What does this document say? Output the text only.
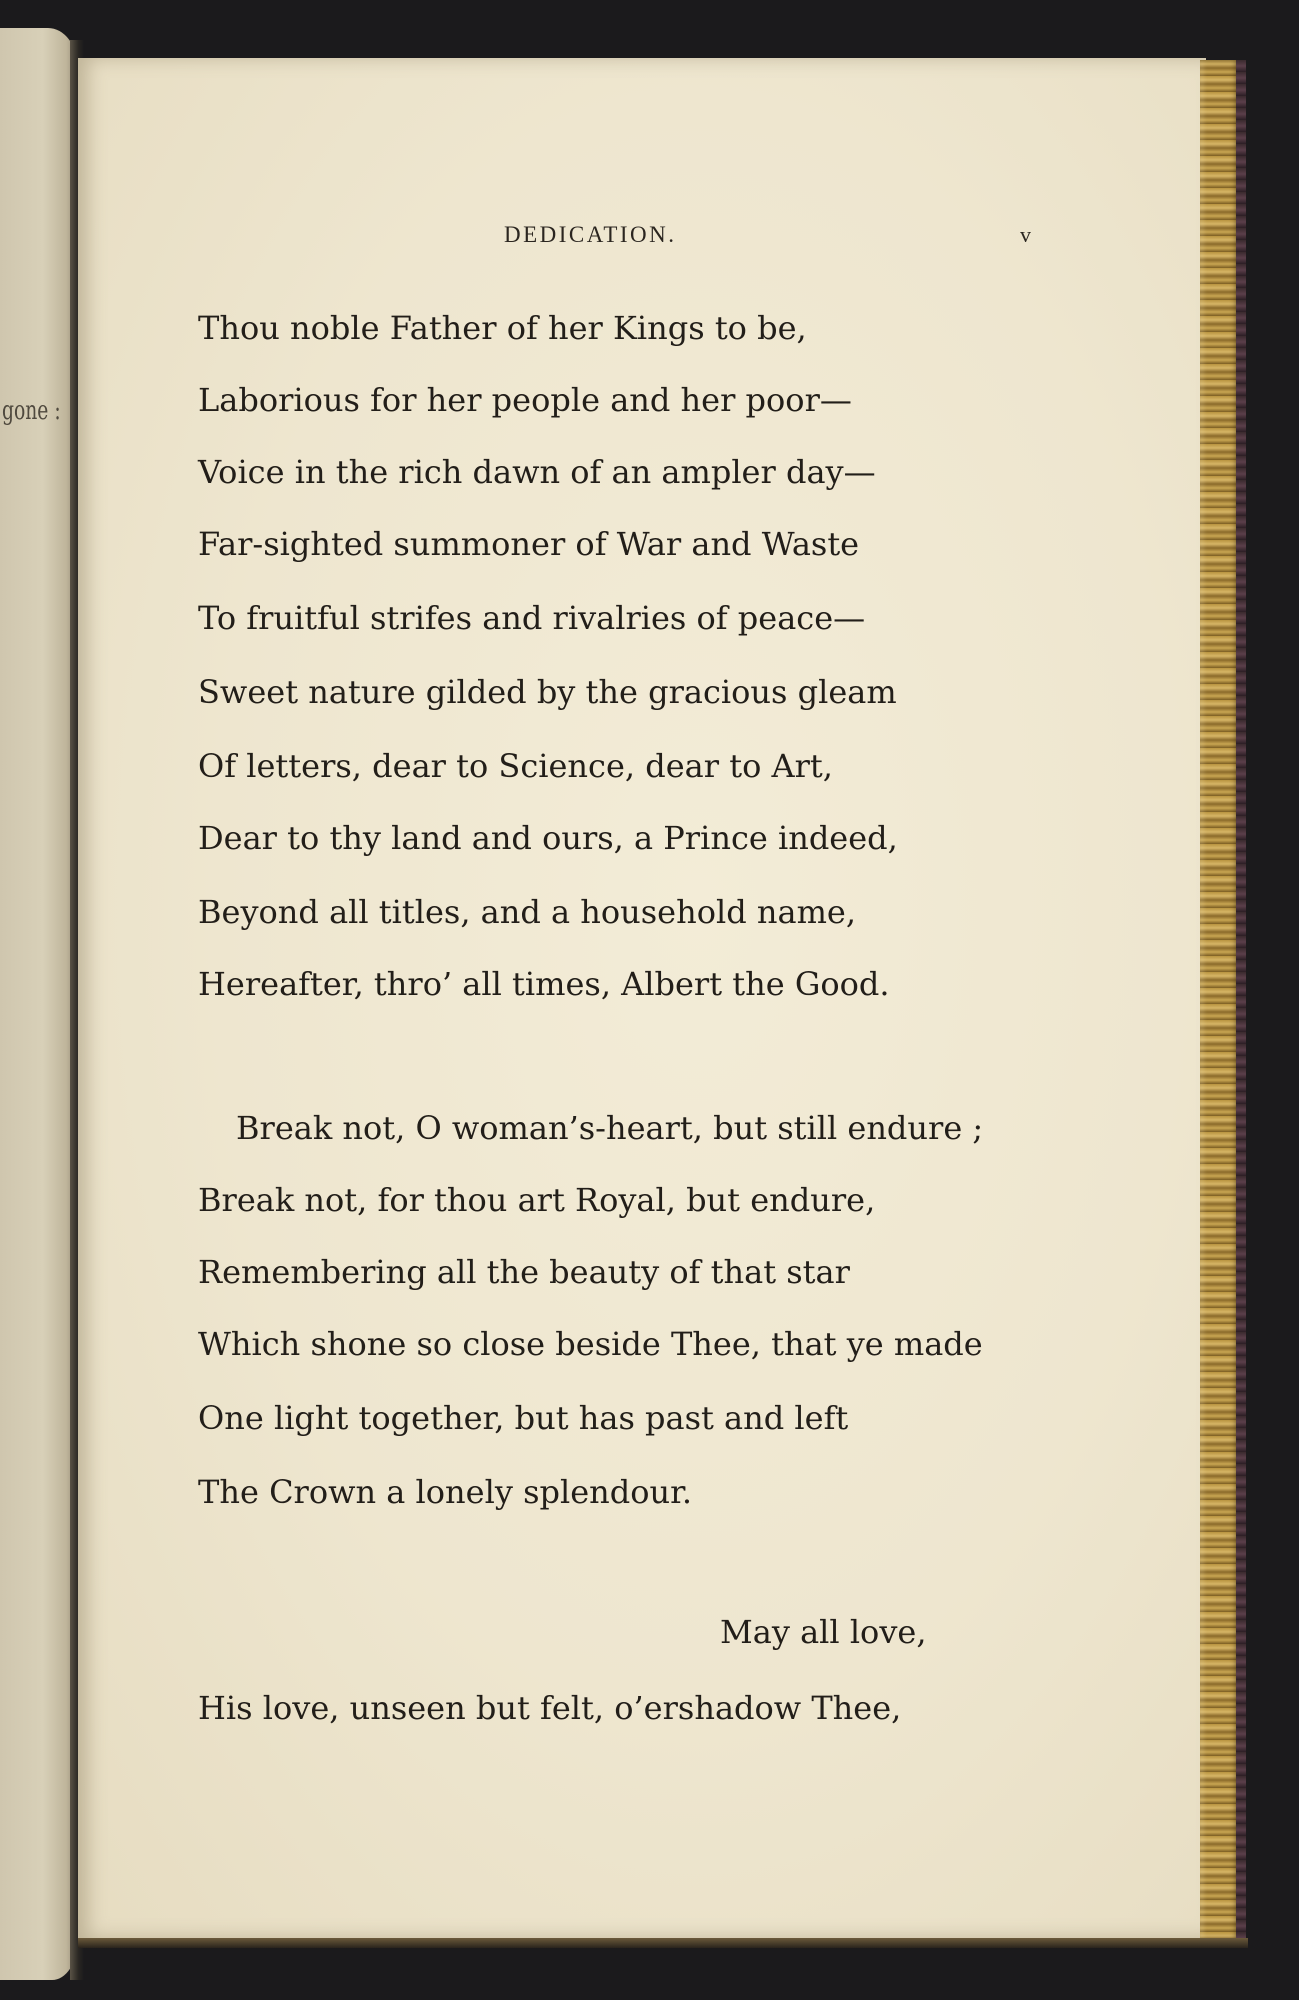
gone :
DEDICATION.	v
Thou noble Father of her Kings to be,
Laborious for her people and her poor—
Voice in the rich dawn of an ampler day—
Far-sighted summoner of War and Waste
To fruitful strifes and rivalries of peace—
Sweet nature gilded by the gracious gleam
Of letters, dear to Science, dear to Art,
Dear to thy land and ours, a Prince indeed,
Beyond all titles, and a household name,
Hereafter, thro’ all times, Albert the Good.
Break not, O woman’s-heart, but still endure ;
Break not, for thou art Royal, but endure,
Remembering all the beauty of that star
Which shone so close beside Thee, that ye made
One light together, but has past and left
The Crown a lonely splendour.
May all love,
His love, unseen but felt, o’ershadow Thee,
